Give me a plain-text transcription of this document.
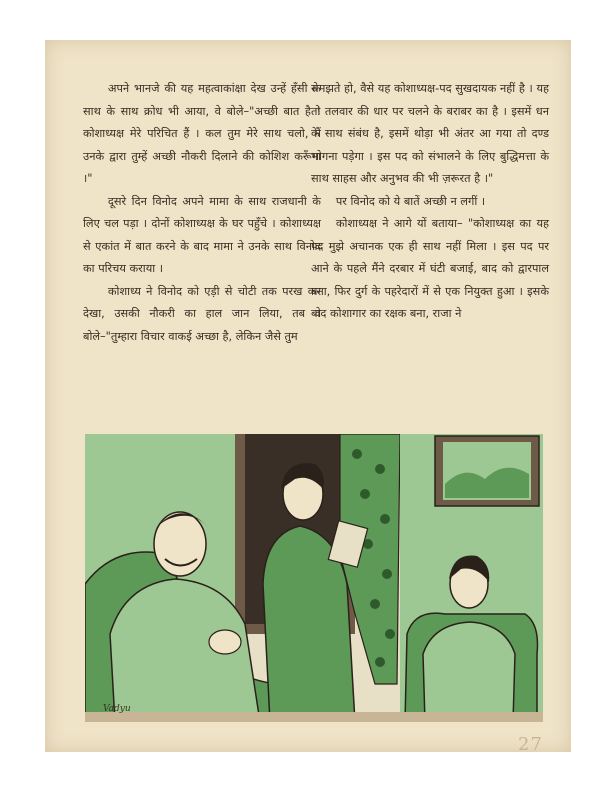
अपने भानजे की यह महत्वाकांक्षा देख उन्हें हँसी के साथ के साथ क्रोध भी आया, वे बोले–"अच्छी बात है ! कोशाध्यक्ष मेरे परिचित हैं । कल तुम मेरे साथ चलो, मैं उनके द्वारा तुम्हें अच्छी नौकरी दिलाने की कोशिश करूँगा ।"

दूसरे दिन विनोद अपने मामा के साथ राजधानी के लिए चल पड़ा । दोनों कोशाध्यक्ष के घर पहुँचे । कोशाध्यक्ष से एकांत में बात करने के बाद मामा ने उनके साथ विनोद का परिचय कराया ।

कोशाध्य ने विनोद को एड़ी से चोटी तक परख कर देखा, उसकी नौकरी का हाल जान लिया, तब वे बोले–"तुम्हारा विचार वाकई अच्छा है, लेकिन जैसे तुम

समझते हो, वैसे यह कोशाध्यक्ष-पद सुखदायक नहीं है । यह तो तलवार की धार पर चलने के बराबर का है । इसमें धन के साथ संबंध है, इसमें थोड़ा भी अंतर आ गया तो दण्ड भोगना पड़ेगा । इस पद को संभालने के लिए बुद्धिमत्ता के साथ साहस और अनुभव की भी ज़रूरत है ।"

पर विनोद को ये बातें अच्छी न लगीं ।

कोशाध्यक्ष ने आगे यों बताया– "कोशाध्यक्ष का यह पद मुझे अचानक एक ही साथ नहीं मिला । इस पद पर आने के पहले मैंने दरबार में घंटी बजाई, बाद को द्वारपाल बना, फिर दुर्ग के पहरेदारों में से एक नियुक्त हुआ । इसके बाद कोशागार का रक्षक बना, राजा ने

Vadyu
27
